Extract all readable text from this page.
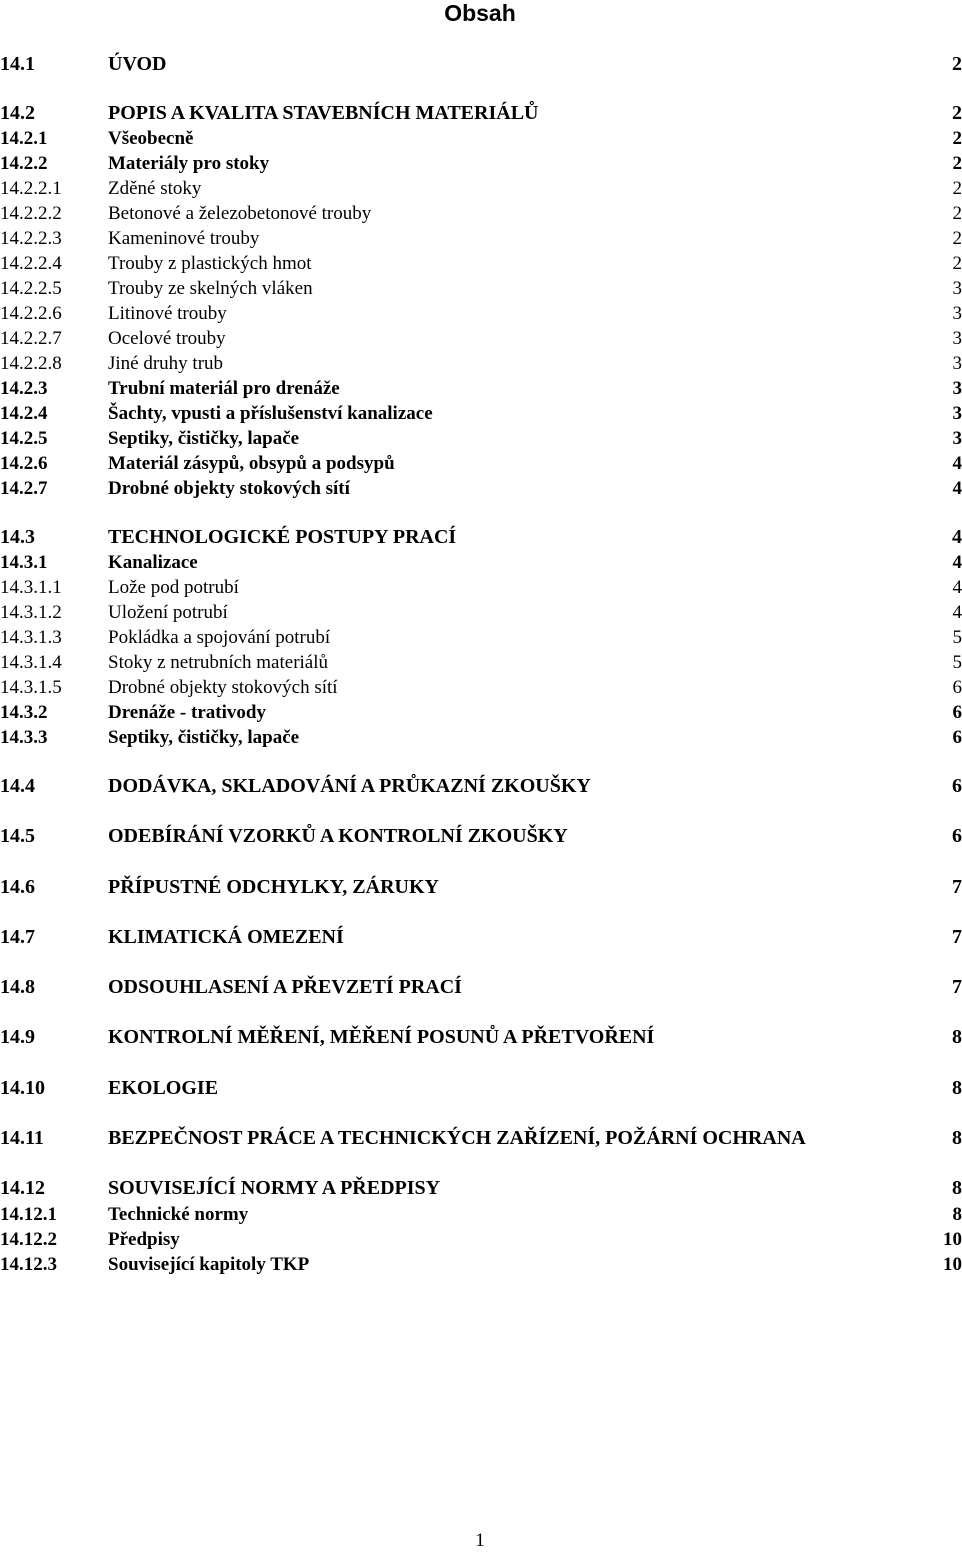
Obsah
14.1	ÚVOD	2
14.2	POPIS A KVALITA STAVEBNÍCH MATERIÁLŮ	2
14.2.1	Všeobecně	2
14.2.2	Materiály pro stoky	2
14.2.2.1 Zděné stoky	2
14.2.2.2 Betonové a železobetonové trouby	2
14.2.2.3 Kameninové trouby	2
14.2.2.4 Trouby z plastických hmot	2
14.2.2.5 Trouby ze skelných vláken	3
14.2.2.6 Litinové trouby	3
14.2.2.7 Ocelové trouby	3
14.2.2.8 Jiné druhy trub	3
14.2.3	Trubní materiál pro drenáže	3
14.2.4	Šachty, vpusti a příslušenství kanalizace	3
14.2.5	Septiky, čističky, lapače	3
14.2.6	Materiál zásypů, obsypů a podsypů	4
14.2.7	Drobné objekty stokových sítí	4
14.3	TECHNOLOGICKÉ POSTUPY PRACÍ	4
14.3.1	Kanalizace	4
14.3.1.1 Lože pod potrubí	4
14.3.1.2 Uložení potrubí	4
14.3.1.3 Pokládka a spojování potrubí	5
14.3.1.4 Stoky z netrubních materiálů	5
14.3.1.5 Drobné objekty stokových sítí	6
14.3.2	Drenáže - trativody	6
14.3.3	Septiky, čističky, lapače	6
14.4	DODÁVKA, SKLADOVÁNÍ A PRŮKAZNÍ ZKOUŠKY	6
14.5	ODEBÍRÁNÍ VZORKŮ A KONTROLNÍ ZKOUŠKY	6
14.6	PŘÍPUSTNÉ ODCHYLKY, ZÁRUKY	7
14.7	KLIMATICKÁ OMEZENÍ	7
14.8	ODSOUHLASENÍ A PŘEVZETÍ PRACÍ	7
14.9	KONTROLNÍ MĚŘENÍ, MĚŘENÍ POSUNŮ A PŘETVOŘENÍ	8
14.10	EKOLOGIE	8
14.11	BEZPEČNOST PRÁCE A TECHNICKÝCH ZAŘÍZENÍ, POŽÁRNÍ OCHRANA	8
14.12	SOUVISEJÍCÍ NORMY A PŘEDPISY	8
14.12.1	Technické normy	8
14.12.2	Předpisy	10
14.12.3	Související kapitoly TKP	10
1
